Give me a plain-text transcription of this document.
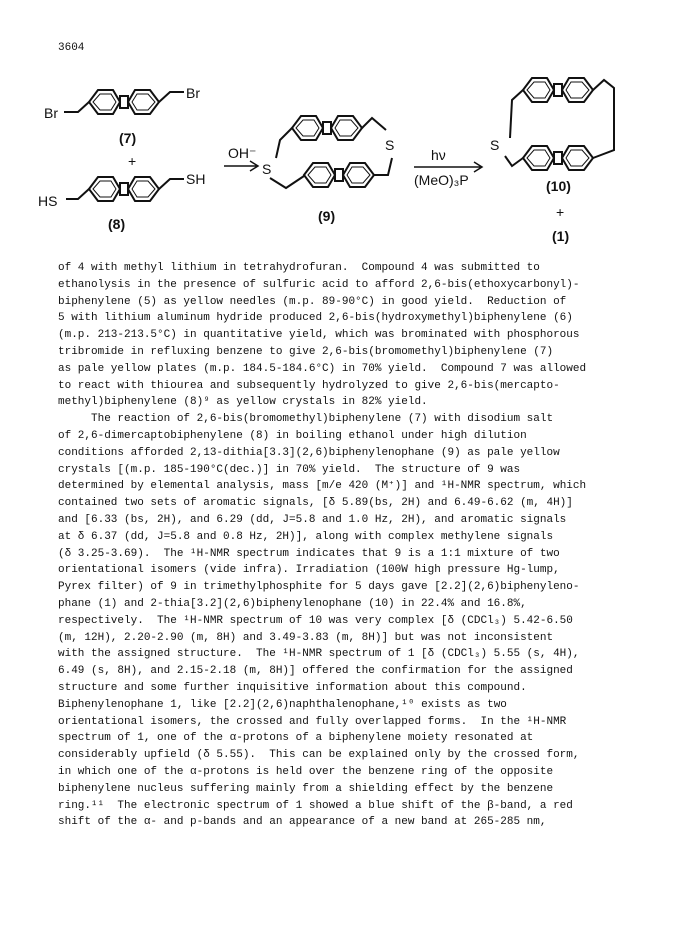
3604
Br
Br
(7)
+
HS
SH
(8)
OH⁻	S
S
(9)
hν
(MeO)₃P
S
(10)
+
(1)
of 4 with methyl lithium in tetrahydrofuran.  Compound 4 was submitted to
ethanolysis in the presence of sulfuric acid to afford 2,6-bis(ethoxycarbonyl)-
biphenylene (5) as yellow needles (m.p. 89-90°C) in good yield.  Reduction of
5 with lithium aluminum hydride produced 2,6-bis(hydroxymethyl)biphenylene (6)
(m.p. 213-213.5°C) in quantitative yield, which was brominated with phosphorous
tribromide in refluxing benzene to give 2,6-bis(bromomethyl)biphenylene (7)
as pale yellow plates (m.p. 184.5-184.6°C) in 70% yield.  Compound 7 was allowed
to react with thiourea and subsequently hydrolyzed to give 2,6-bis(mercapto-
methyl)biphenylene (8)⁹ as yellow crystals in 82% yield.
The reaction of 2,6-bis(bromomethyl)biphenylene (7) with disodium salt
of 2,6-dimercaptobiphenylene (8) in boiling ethanol under high dilution
conditions afforded 2,13-dithia[3.3](2,6)biphenylenophane (9) as pale yellow
crystals [(m.p. 185-190°C(dec.)] in 70% yield.  The structure of 9 was
determined by elemental analysis, mass [m/e 420 (M⁺)] and ¹H-NMR spectrum, which
contained two sets of aromatic signals, [δ 5.89(bs, 2H) and 6.49-6.62 (m, 4H)]
and [6.33 (bs, 2H), and 6.29 (dd, J=5.8 and 1.0 Hz, 2H), and aromatic signals
at δ 6.37 (dd, J=5.8 and 0.8 Hz, 2H)], along with complex methylene signals
(δ 3.25-3.69).  The ¹H-NMR spectrum indicates that 9 is a 1:1 mixture of two
orientational isomers (vide infra). Irradiation (100W high pressure Hg-lump,
Pyrex filter) of 9 in trimethylphosphite for 5 days gave [2.2](2,6)biphenyleno-
phane (1) and 2-thia[3.2](2,6)biphenylenophane (10) in 22.4% and 16.8%,
respectively.  The ¹H-NMR spectrum of 10 was very complex [δ (CDCl₃) 5.42-6.50
(m, 12H), 2.20-2.90 (m, 8H) and 3.49-3.83 (m, 8H)] but was not inconsistent
with the assigned structure.  The ¹H-NMR spectrum of 1 [δ (CDCl₃) 5.55 (s, 4H),
6.49 (s, 8H), and 2.15-2.18 (m, 8H)] offered the confirmation for the assigned
structure and some further inquisitive information about this compound.
Biphenylenophane 1, like [2.2](2,6)naphthalenophane,¹⁰ exists as two
orientational isomers, the crossed and fully overlapped forms.  In the ¹H-NMR
spectrum of 1, one of the α-protons of a biphenylene moiety resonated at
considerably upfield (δ 5.55).  This can be explained only by the crossed form,
in which one of the α-protons is held over the benzene ring of the opposite
biphenylene nucleus suffering mainly from a shielding effect by the benzene
ring.¹¹  The electronic spectrum of 1 showed a blue shift of the β-band, a red
shift of the α- and p-bands and an appearance of a new band at 265-285 nm,
